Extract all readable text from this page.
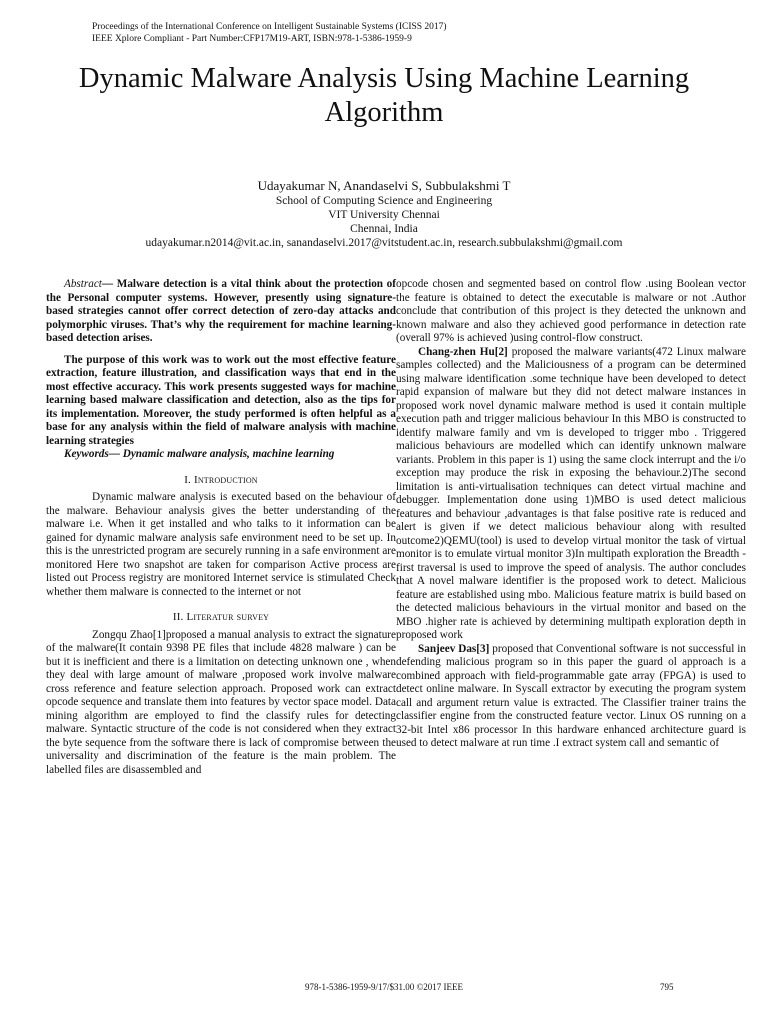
Proceedings of the International Conference on Intelligent Sustainable Systems (ICISS 2017)
IEEE Xplore Compliant - Part Number:CFP17M19-ART, ISBN:978-1-5386-1959-9
Dynamic Malware Analysis Using Machine Learning
Algorithm
Udayakumar N, Anandaselvi S, Subbulakshmi T
School of Computing Science and Engineering
VIT University Chennai
Chennai, India
udayakumar.n2014@vit.ac.in, sanandaselvi.2017@vitstudent.ac.in, research.subbulakshmi@gmail.com

Abstract— Malware detection is a vital think about the protection of the Personal computer systems. However, presently using signature-based strategies cannot offer correct detection of zero-day attacks and polymorphic viruses. That’s why the requirement for machine learning-based detection arises.

The purpose of this work was to work out the most effective feature extraction, feature illustration, and classification ways that end in the most effective accuracy. This work presents suggested ways for machine learning based malware classification and detection, also as the tips for its implementation. Moreover, the study performed is often helpful as a base for any analysis within the field of malware analysis with machine learning strategies

Keywords— Dynamic malware analysis, machine learning

I. Introduction

Dynamic malware analysis is executed based on the behaviour of the malware. Behaviour analysis gives the better understanding of the malware i.e. When it get installed and who talks to it information can be gained for dynamic malware analysis safe environment need to be set up. In this is the unrestricted program are securely running in a safe environment are monitored Here two snapshot are taken for comparison Active process are listed out Process registry are monitored Internet service is stimulated Check whether them malware is connected to the internet or not

II. Literatur survey

Zongqu Zhao[1]proposed a manual analysis to extract the signature of the malware(It contain 9398 PE files that include 4828 malware ) can be but it is inefficient and there is a limitation on detecting unknown one , when they deal with large amount of malware ,proposed work involve malware cross reference and feature selection approach. Proposed work can extract opcode sequence and translate them into features by vector space model. Data mining algorithm are employed to find the classify rules for detecting malware. Syntactic structure of the code is not considered when they extract the byte sequence from the software there is lack of compromise between the universality and discrimination of the feature is the main problem. The labelled files are disassembled and

opcode chosen and segmented based on control flow .using Boolean vector the feature is obtained to detect the executable is malware or not .Author conclude that contribution of this project is they detected the unknown and known malware and also they achieved good performance in detection rate (overall 97% is achieved )using control-flow construct.

Chang-zhen Hu[2] proposed the malware variants(472 Linux malware samples collected) and the Maliciousness of a program can be determined using malware identification .some technique have been developed to detect rapid expansion of malware but they did not detect malware instances in proposed work novel dynamic malware method is used it contain multiple execution path and trigger malicious behaviour In this MBO is constructed to identify malware family and vm is developed to trigger mbo . Triggered malicious behaviours are modelled which can identify unknown malware variants. Problem in this paper is 1) using the same clock interrupt and the i/o exception may produce the risk in exposing the behaviour.2)The second limitation is anti-virtualisation techniques can detect virtual machine and debugger. Implementation done using 1)MBO is used detect malicious features and behaviour ,advantages is that false positive rate is reduced and alert is given if we detect malicious behaviour along with resulted outcome2)QEMU(tool) is used to develop virtual monitor the task of virtual monitor is to emulate virtual monitor 3)In multipath exploration the Breadth - first traversal is used to improve the speed of analysis. The author concludes that A novel malware identifier is the proposed work to detect. Malicious feature are established using mbo. Malicious feature matrix is build based on the detected malicious behaviours in the virtual monitor and based on the MBO .higher rate is achieved by determining multipath exploration depth in proposed work

Sanjeev Das[3] proposed that Conventional software is not successful in defending malicious program so in this paper the guard ol approach is a combined approach with field-programmable gate array (FPGA) is used to detect online malware. In Syscall extractor by executing the program system call and argument return value is extracted. The Classifier trainer trains the classifier engine from the constructed feature vector. Linux OS running on a 32-bit Intel x86 processor In this hardware enhanced architecture guard is used to detect malware at run time .I extract system call and semantic of

978-1-5386-1959-9/17/$31.00 ©2017 IEEE	795
